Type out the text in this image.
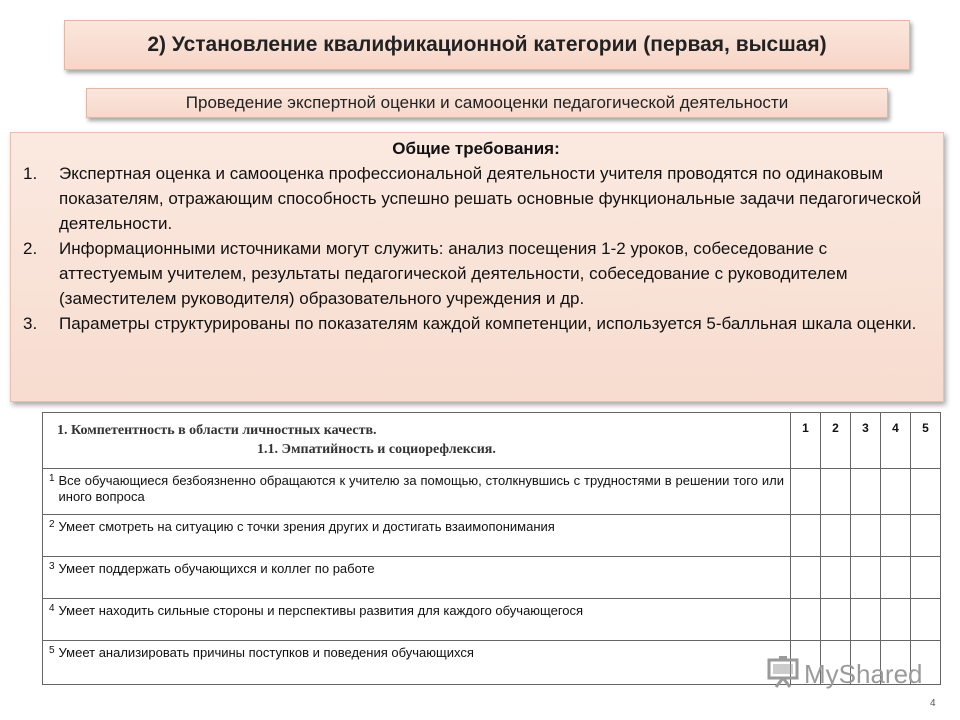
2) Установление квалификационной категории (первая, высшая)
Проведение экспертной оценки и самооценки педагогической деятельности
Общие требования:
1.	Экспертная оценка и самооценка профессиональной деятельности учителя проводятся по одинаковым показателям, отражающим способность успешно решать основные функциональные задачи педагогической деятельности.
2.	Информационными источниками могут служить: анализ посещения 1-2 уроков, собеседование с аттестуемым учителем, результаты педагогической деятельности, собеседование с руководителем (заместителем руководителя) образовательного учреждения и др.
3.	Параметры структурированы по показателям каждой компетенции, используется 5-балльная шкала оценки.
1. Компетентность в области личностных качеств.
1.1. Эмпатийность и социорефлексия.		1	2	3	4	5
1	Все обучающиеся безбоязненно обращаются к учителю за помощью, столкнувшись с трудностями в решении того или иного вопроса					
2	Умеет смотреть на ситуацию с точки зрения других и достигать взаимопонимания					
3	Умеет поддержать обучающихся и коллег по работе					
4	Умеет находить сильные стороны и перспективы развития для каждого обучающегося					
5	Умеет анализировать причины поступков и поведения обучающихся					
MyShared
4
